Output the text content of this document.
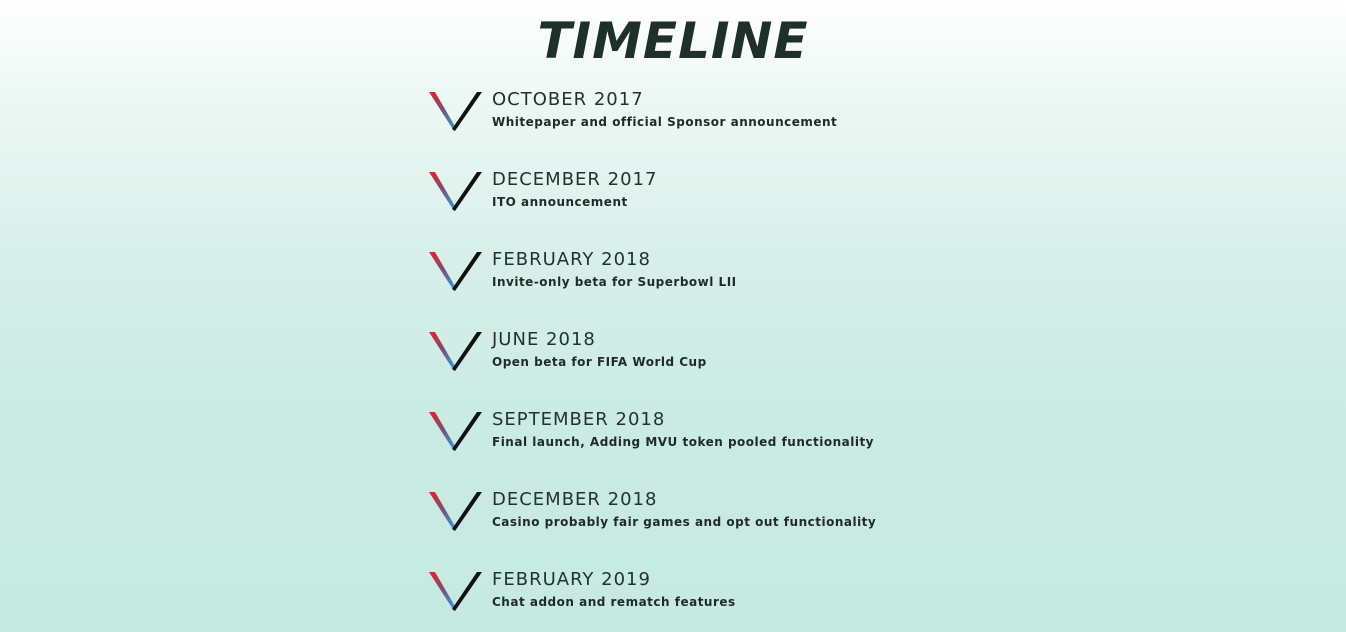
TIMELINE
OCTOBER 2017
Whitepaper and official Sponsor announcement
DECEMBER 2017
ITO announcement
FEBRUARY 2018
Invite-only beta for Superbowl LII
JUNE 2018
Open beta for FIFA World Cup
SEPTEMBER 2018
Final launch, Adding MVU token pooled functionality
DECEMBER 2018
Casino probably fair games and opt out functionality
FEBRUARY 2019
Chat addon and rematch features
